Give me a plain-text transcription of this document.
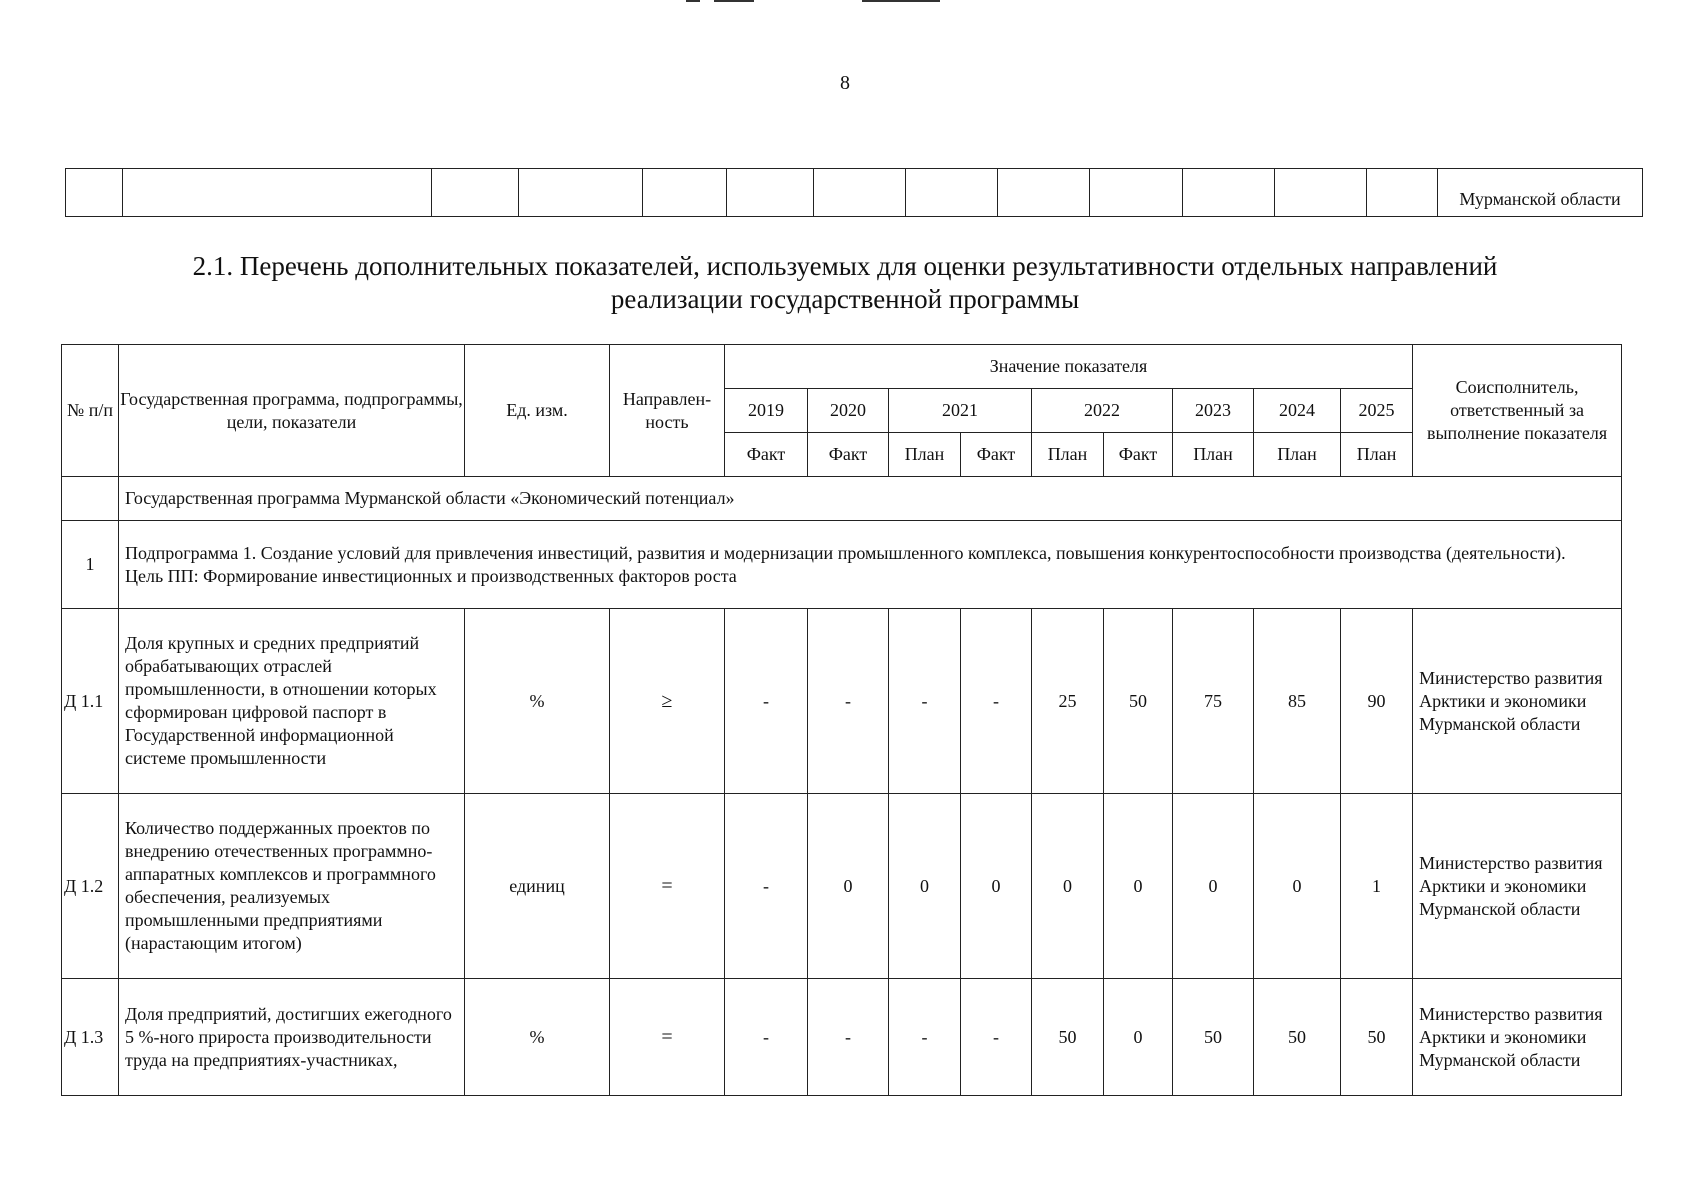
8
													Мурманской области
2.1. Перечень дополнительных показателей, используемых для оценки результативности отдельных направлений
реализации государственной программы
№ п/п	Государственная программа, подпрограммы, цели, показатели	Ед. изм.	Направлен-ность	Значение показателя									Соисполнитель, ответственный за выполнение показателя
				2019	2020	2021		2022		2023	2024	2025	
				Факт	Факт	План	Факт	План	Факт	План	План	План	
	Государственная программа Мурманской области «Экономический потенциал»												
1	Подпрограмма 1. Создание условий для привлечения инвестиций, развития и модернизации промышленного комплекса, повышения конкурентоспособности производства (деятельности).
Цель ПП: Формирование инвестиционных и производственных факторов роста												

Д 1.1	Доля крупных и средних предприятий обрабатывающих отраслей промышленности, в отношении которых сформирован цифровой паспорт в Государственной информационной системе промышленности	%	≥	-	-	-	-	25	50	75	85	90	Министерство развития Арктики и экономики Мурманской области
Д 1.2	Количество поддержанных проектов по внедрению отечественных программно-аппаратных комплексов и программного обеспечения, реализуемых промышленными предприятиями (нарастающим итогом)	единиц	=	-	0	0	0	0	0	0	0	1	Министерство развития Арктики и экономики Мурманской области
Д 1.3	Доля предприятий, достигших ежегодного 5 %-ного прироста производительности труда на предприятиях-участниках,	%	=	-	-	-	-	50	0	50	50	50	Министерство развития Арктики и экономики Мурманской области
